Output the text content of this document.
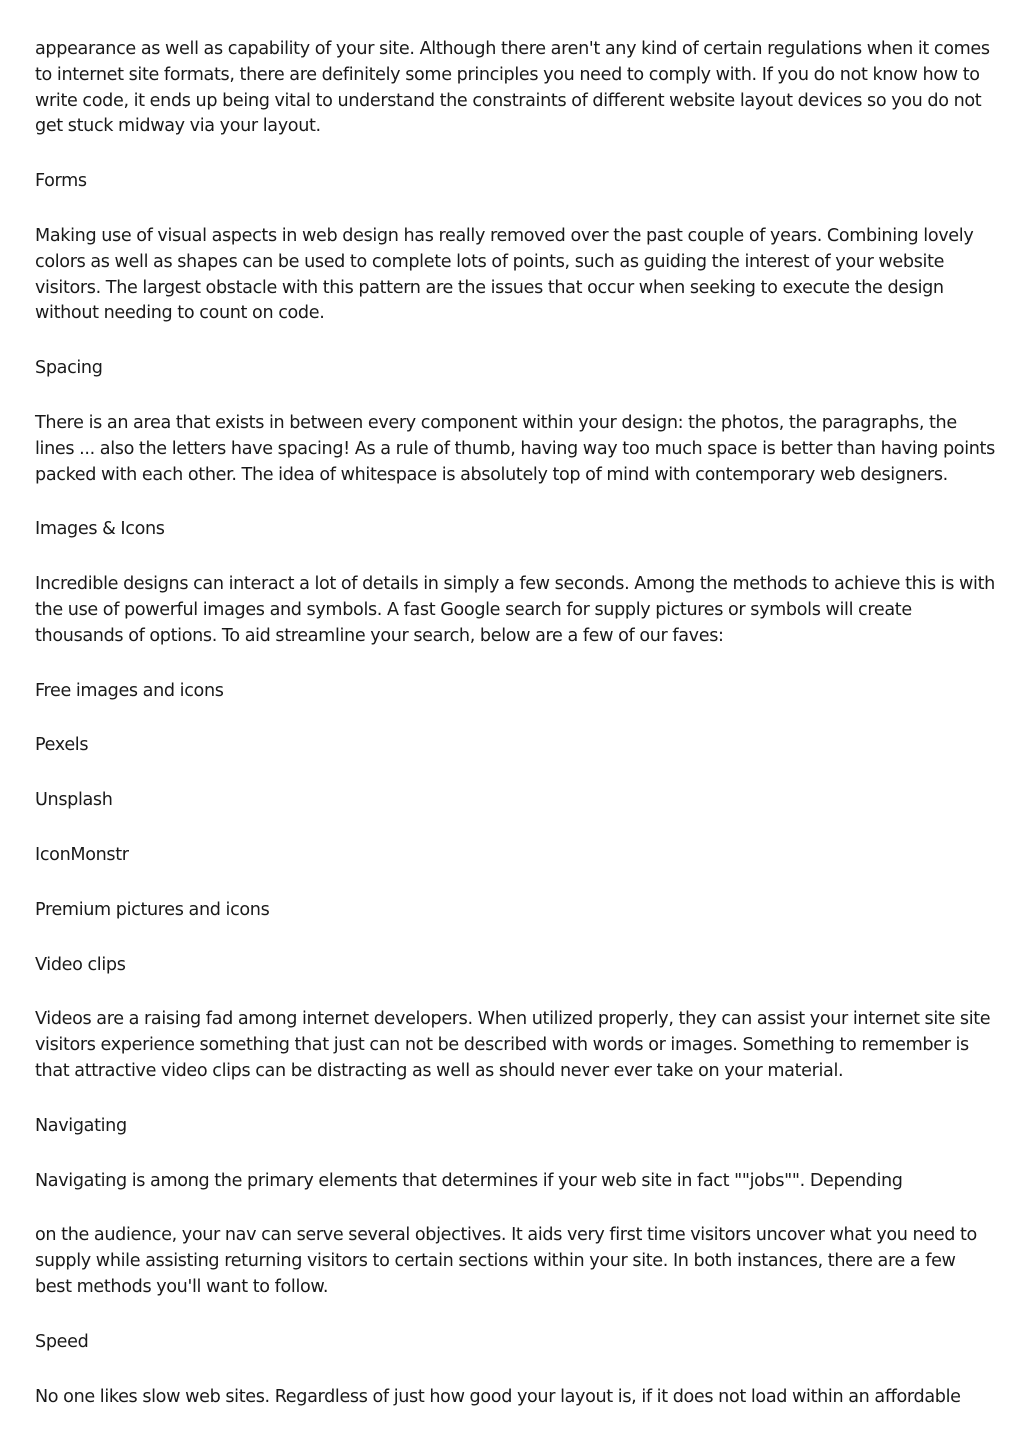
appearance as well as capability of your site. Although there aren't any kind of certain regulations when it comes to internet site formats, there are definitely some principles you need to comply with. If you do not know how to write code, it ends up being vital to understand the constraints of different website layout devices so you do not get stuck midway via your layout.

Forms

Making use of visual aspects in web design has really removed over the past couple of years. Combining lovely colors as well as shapes can be used to complete lots of points, such as guiding the interest of your website visitors. The largest obstacle with this pattern are the issues that occur when seeking to execute the design without needing to count on code.

Spacing

There is an area that exists in between every component within your design: the photos, the paragraphs, the lines ... also the letters have spacing! As a rule of thumb, having way too much space is better than having points packed with each other. The idea of whitespace is absolutely top of mind with contemporary web designers.

Images & Icons

Incredible designs can interact a lot of details in simply a few seconds. Among the methods to achieve this is with the use of powerful images and symbols. A fast Google search for supply pictures or symbols will create thousands of options. To aid streamline your search, below are a few of our faves:

Free images and icons

Pexels

Unsplash

IconMonstr

Premium pictures and icons

Video clips

Videos are a raising fad among internet developers. When utilized properly, they can assist your internet site site visitors experience something that just can not be described with words or images. Something to remember is that attractive video clips can be distracting as well as should never ever take on your material.

Navigating

Navigating is among the primary elements that determines if your web site in fact ""jobs"". Depending

on the audience, your nav can serve several objectives. It aids very first time visitors uncover what you need to supply while assisting returning visitors to certain sections within your site. In both instances, there are a few best methods you'll want to follow.

Speed

No one likes slow web sites. Regardless of just how good your layout is, if it does not load within an affordable
